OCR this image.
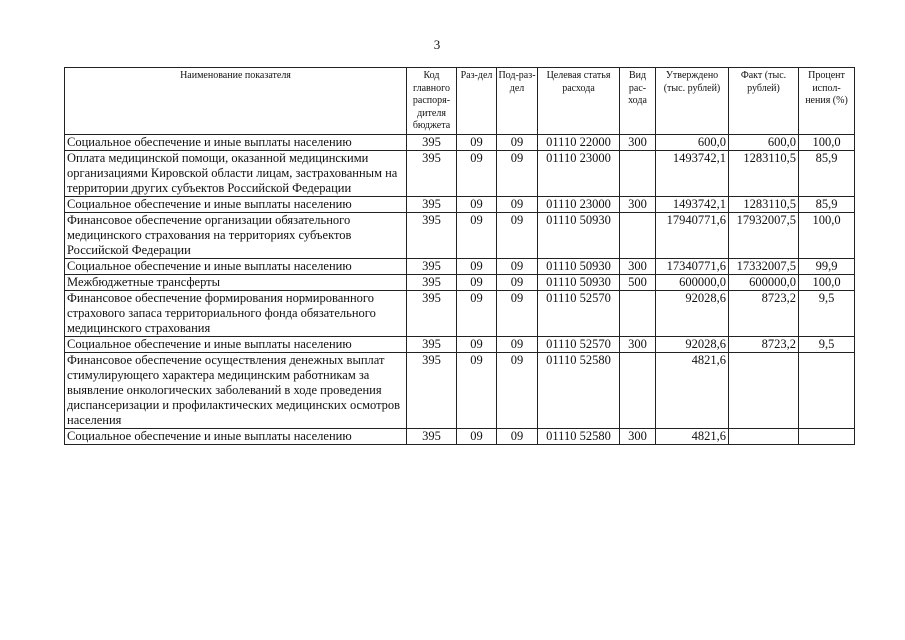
3
Наименование показателя	Код главного распоря-дителя бюджета	Раз-дел	Под-раз-дел	Целевая статья расхода	Вид рас-хода	Утверждено (тыс. рублей)	Факт (тыс. рублей)	Процент испол-нения (%)
Социальное обеспечение и иные выплаты населению	395	09	09	01110 22000	300	600,0	600,0	100,0
Оплата медицинской помощи, оказанной медицинскими организациями Кировской области лицам, застрахованным на территории других субъектов Российской Федерации	395	09	09	01110 23000		1493742,1	1283110,5	85,9
Социальное обеспечение и иные выплаты населению	395	09	09	01110 23000	300	1493742,1	1283110,5	85,9
Финансовое обеспечение организации обязательного медицинского страхования на территориях субъектов Российской Федерации	395	09	09	01110 50930		17940771,6	17932007,5	100,0
Социальное обеспечение и иные выплаты населению	395	09	09	01110 50930	300	17340771,6	17332007,5	99,9
Межбюджетные трансферты	395	09	09	01110 50930	500	600000,0	600000,0	100,0
Финансовое обеспечение формирования нормированного страхового запаса территориального фонда обязательного медицинского страхования	395	09	09	01110 52570		92028,6	8723,2	9,5
Социальное обеспечение и иные выплаты населению	395	09	09	01110 52570	300	92028,6	8723,2	9,5
Финансовое обеспечение осуществления денежных выплат стимулирующего характера медицинским работникам за выявление онкологических заболеваний в ходе проведения диспансеризации и профилактических медицинских осмотров населения	395	09	09	01110 52580		4821,6		
Социальное обеспечение и иные выплаты населению	395	09	09	01110 52580	300	4821,6		
